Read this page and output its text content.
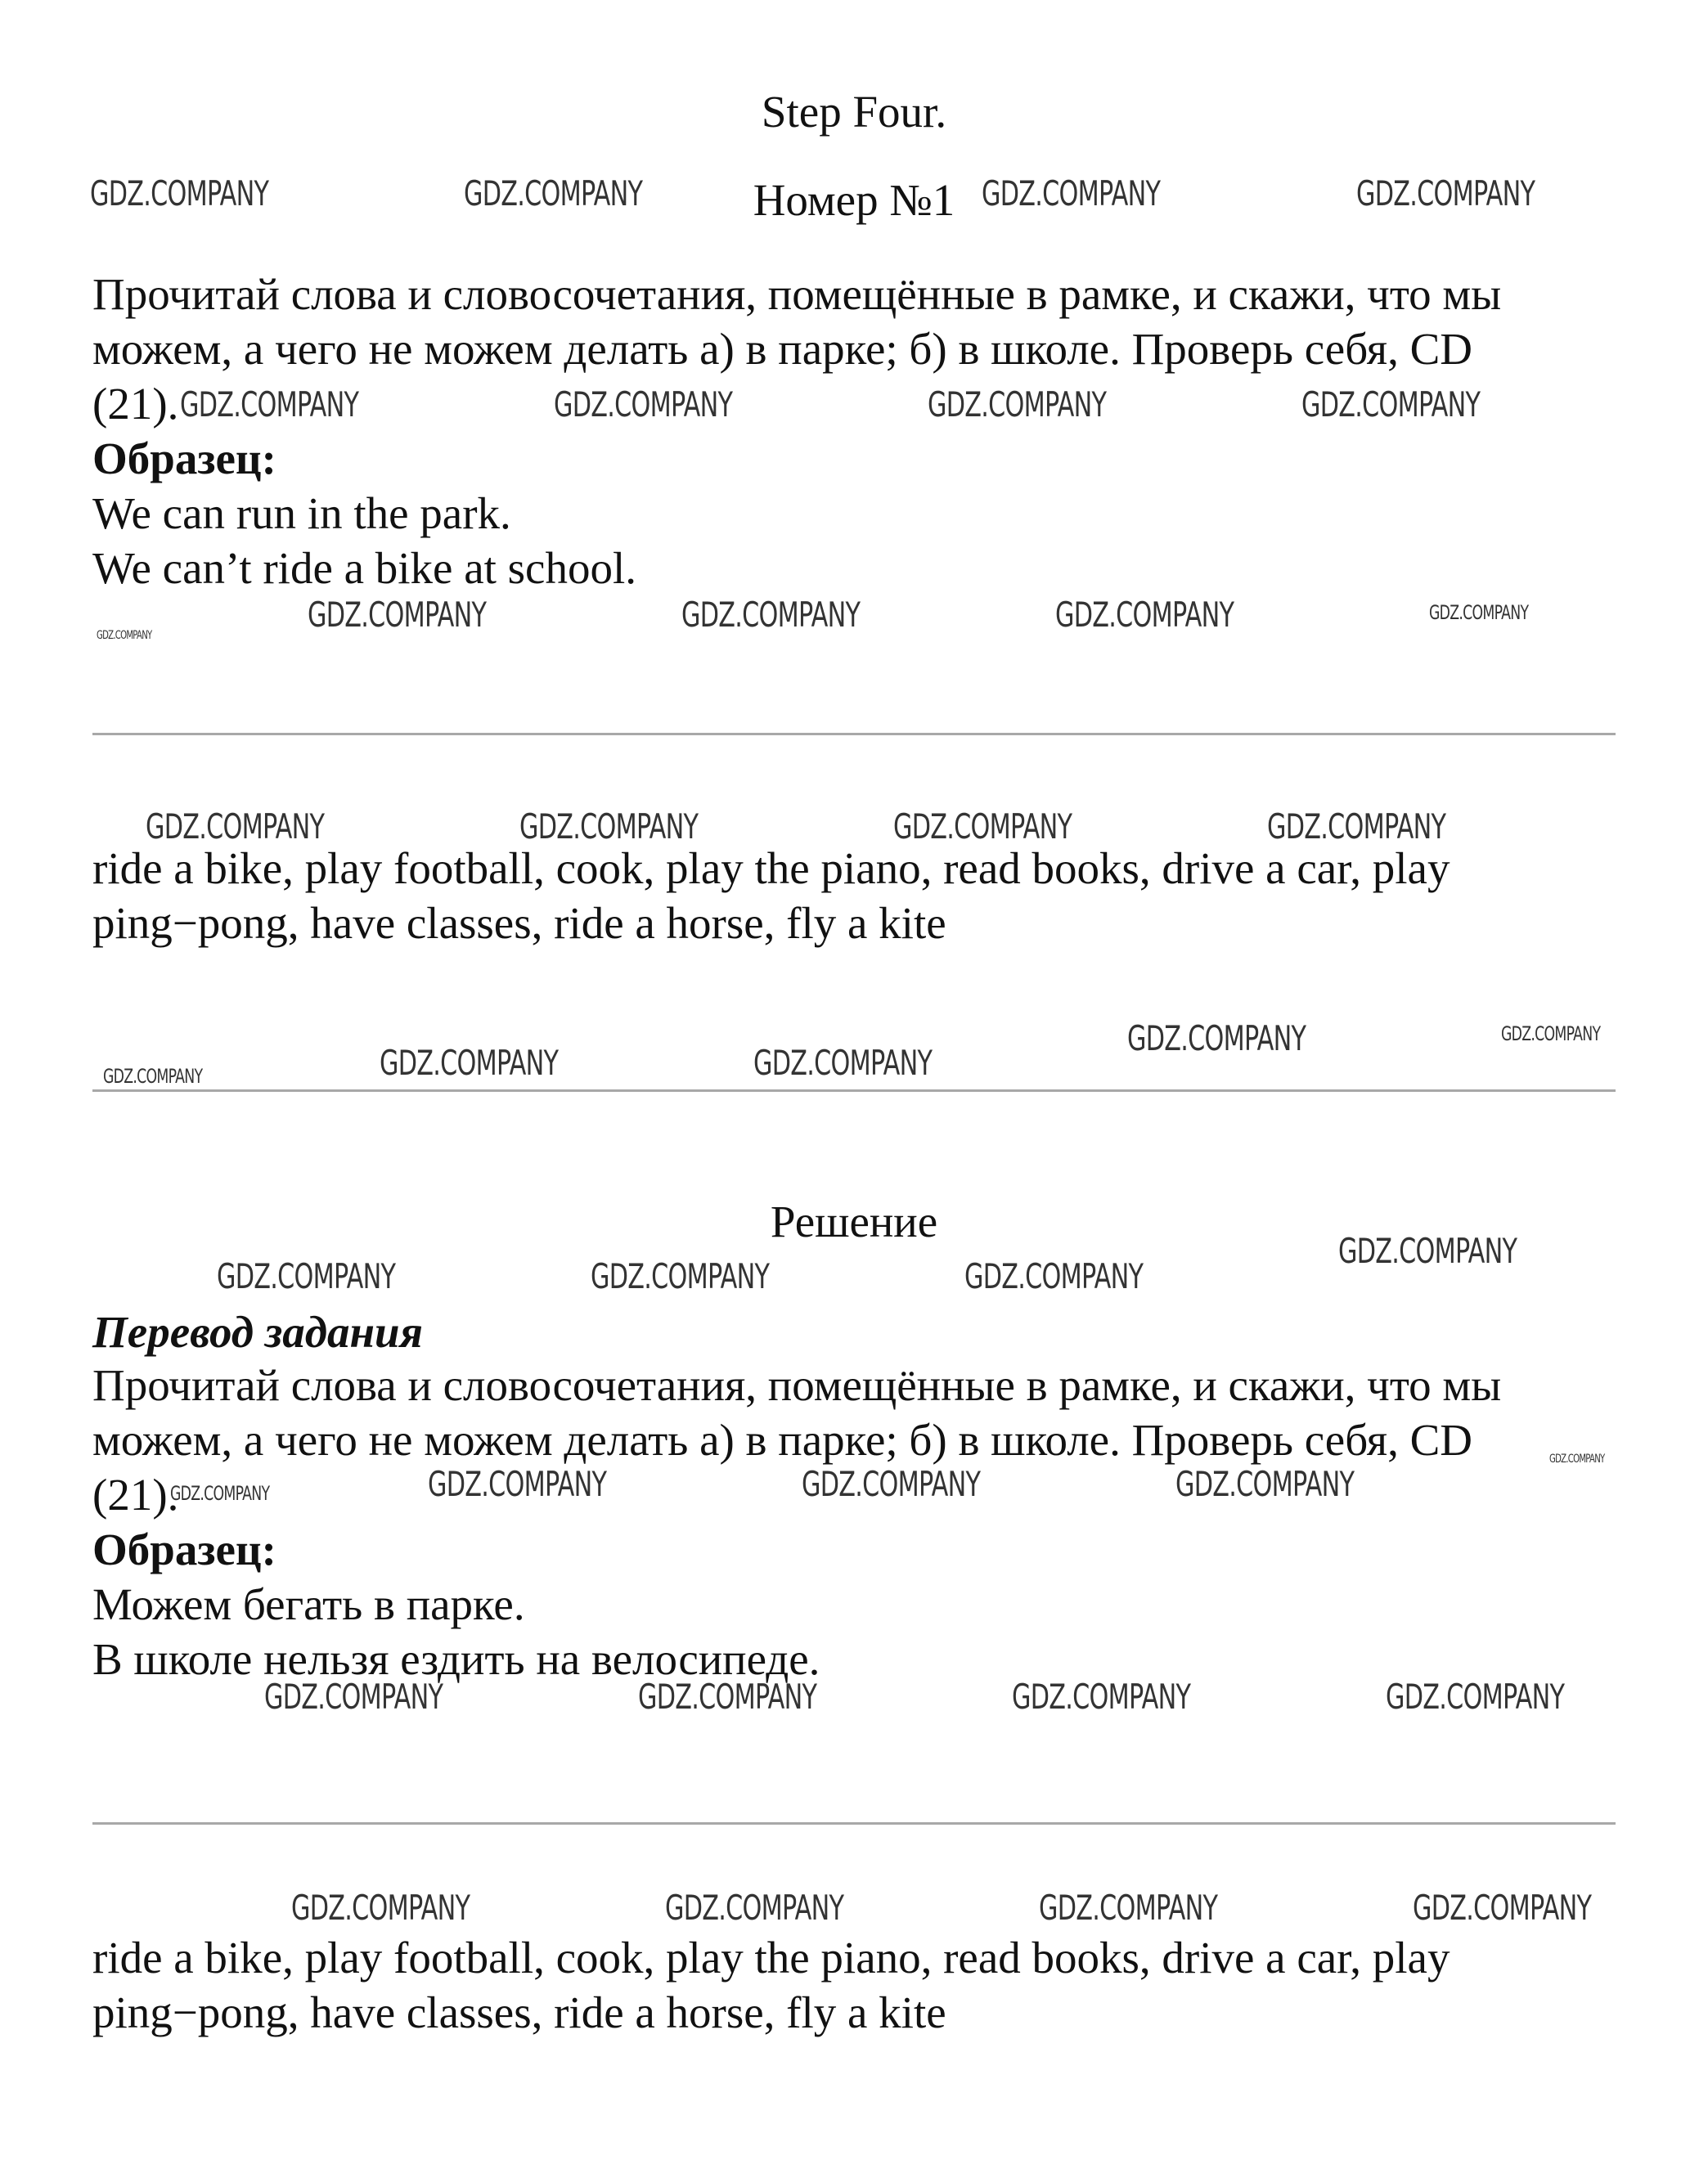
Step Four.
Номер №1
Прочитай слова и словосочетания, помещённые в рамке, и скажи, что мы
можем, а чего не можем делать а) в парке; б) в школе. Проверь себя, CD
(21).
Образец:
We can run in the park.
We can’t ride a bike at school.
ride a bike, play football, cook, play the piano, read books, drive a car, play
ping−pong, have classes, ride a horse, fly a kite
Решение
Перевод задания
Прочитай слова и словосочетания, помещённые в рамке, и скажи, что мы
можем, а чего не можем делать а) в парке; б) в школе. Проверь себя, CD
(21).
Образец:
Можем бегать в парке.
В школе нельзя ездить на велосипеде.
ride a bike, play football, cook, play the piano, read books, drive a car, play
ping−pong, have classes, ride a horse, fly a kite
GDZ.COMPANY	GDZ.COMPANY	GDZ.COMPANY	GDZ.COMPANY
GDZ.COMPANY	GDZ.COMPANY	GDZ.COMPANY	GDZ.COMPANY
GDZ.COMPANY
GDZ.COMPANY	GDZ.COMPANY	GDZ.COMPANY	GDZ.COMPANY
GDZ.COMPANY	GDZ.COMPANY	GDZ.COMPANY	GDZ.COMPANY
GDZ.COMPANY	GDZ.COMPANY	GDZ.COMPANY
GDZ.COMPANY	GDZ.COMPANY
GDZ.COMPANY	GDZ.COMPANY	GDZ.COMPANY
GDZ.COMPANY
GDZ.COMPANY	GDZ.COMPANY	GDZ.COMPANY	GDZ.COMPANY
GDZ.COMPANY
GDZ.COMPANY	GDZ.COMPANY	GDZ.COMPANY	GDZ.COMPANY
GDZ.COMPANY	GDZ.COMPANY	GDZ.COMPANY	GDZ.COMPANY
